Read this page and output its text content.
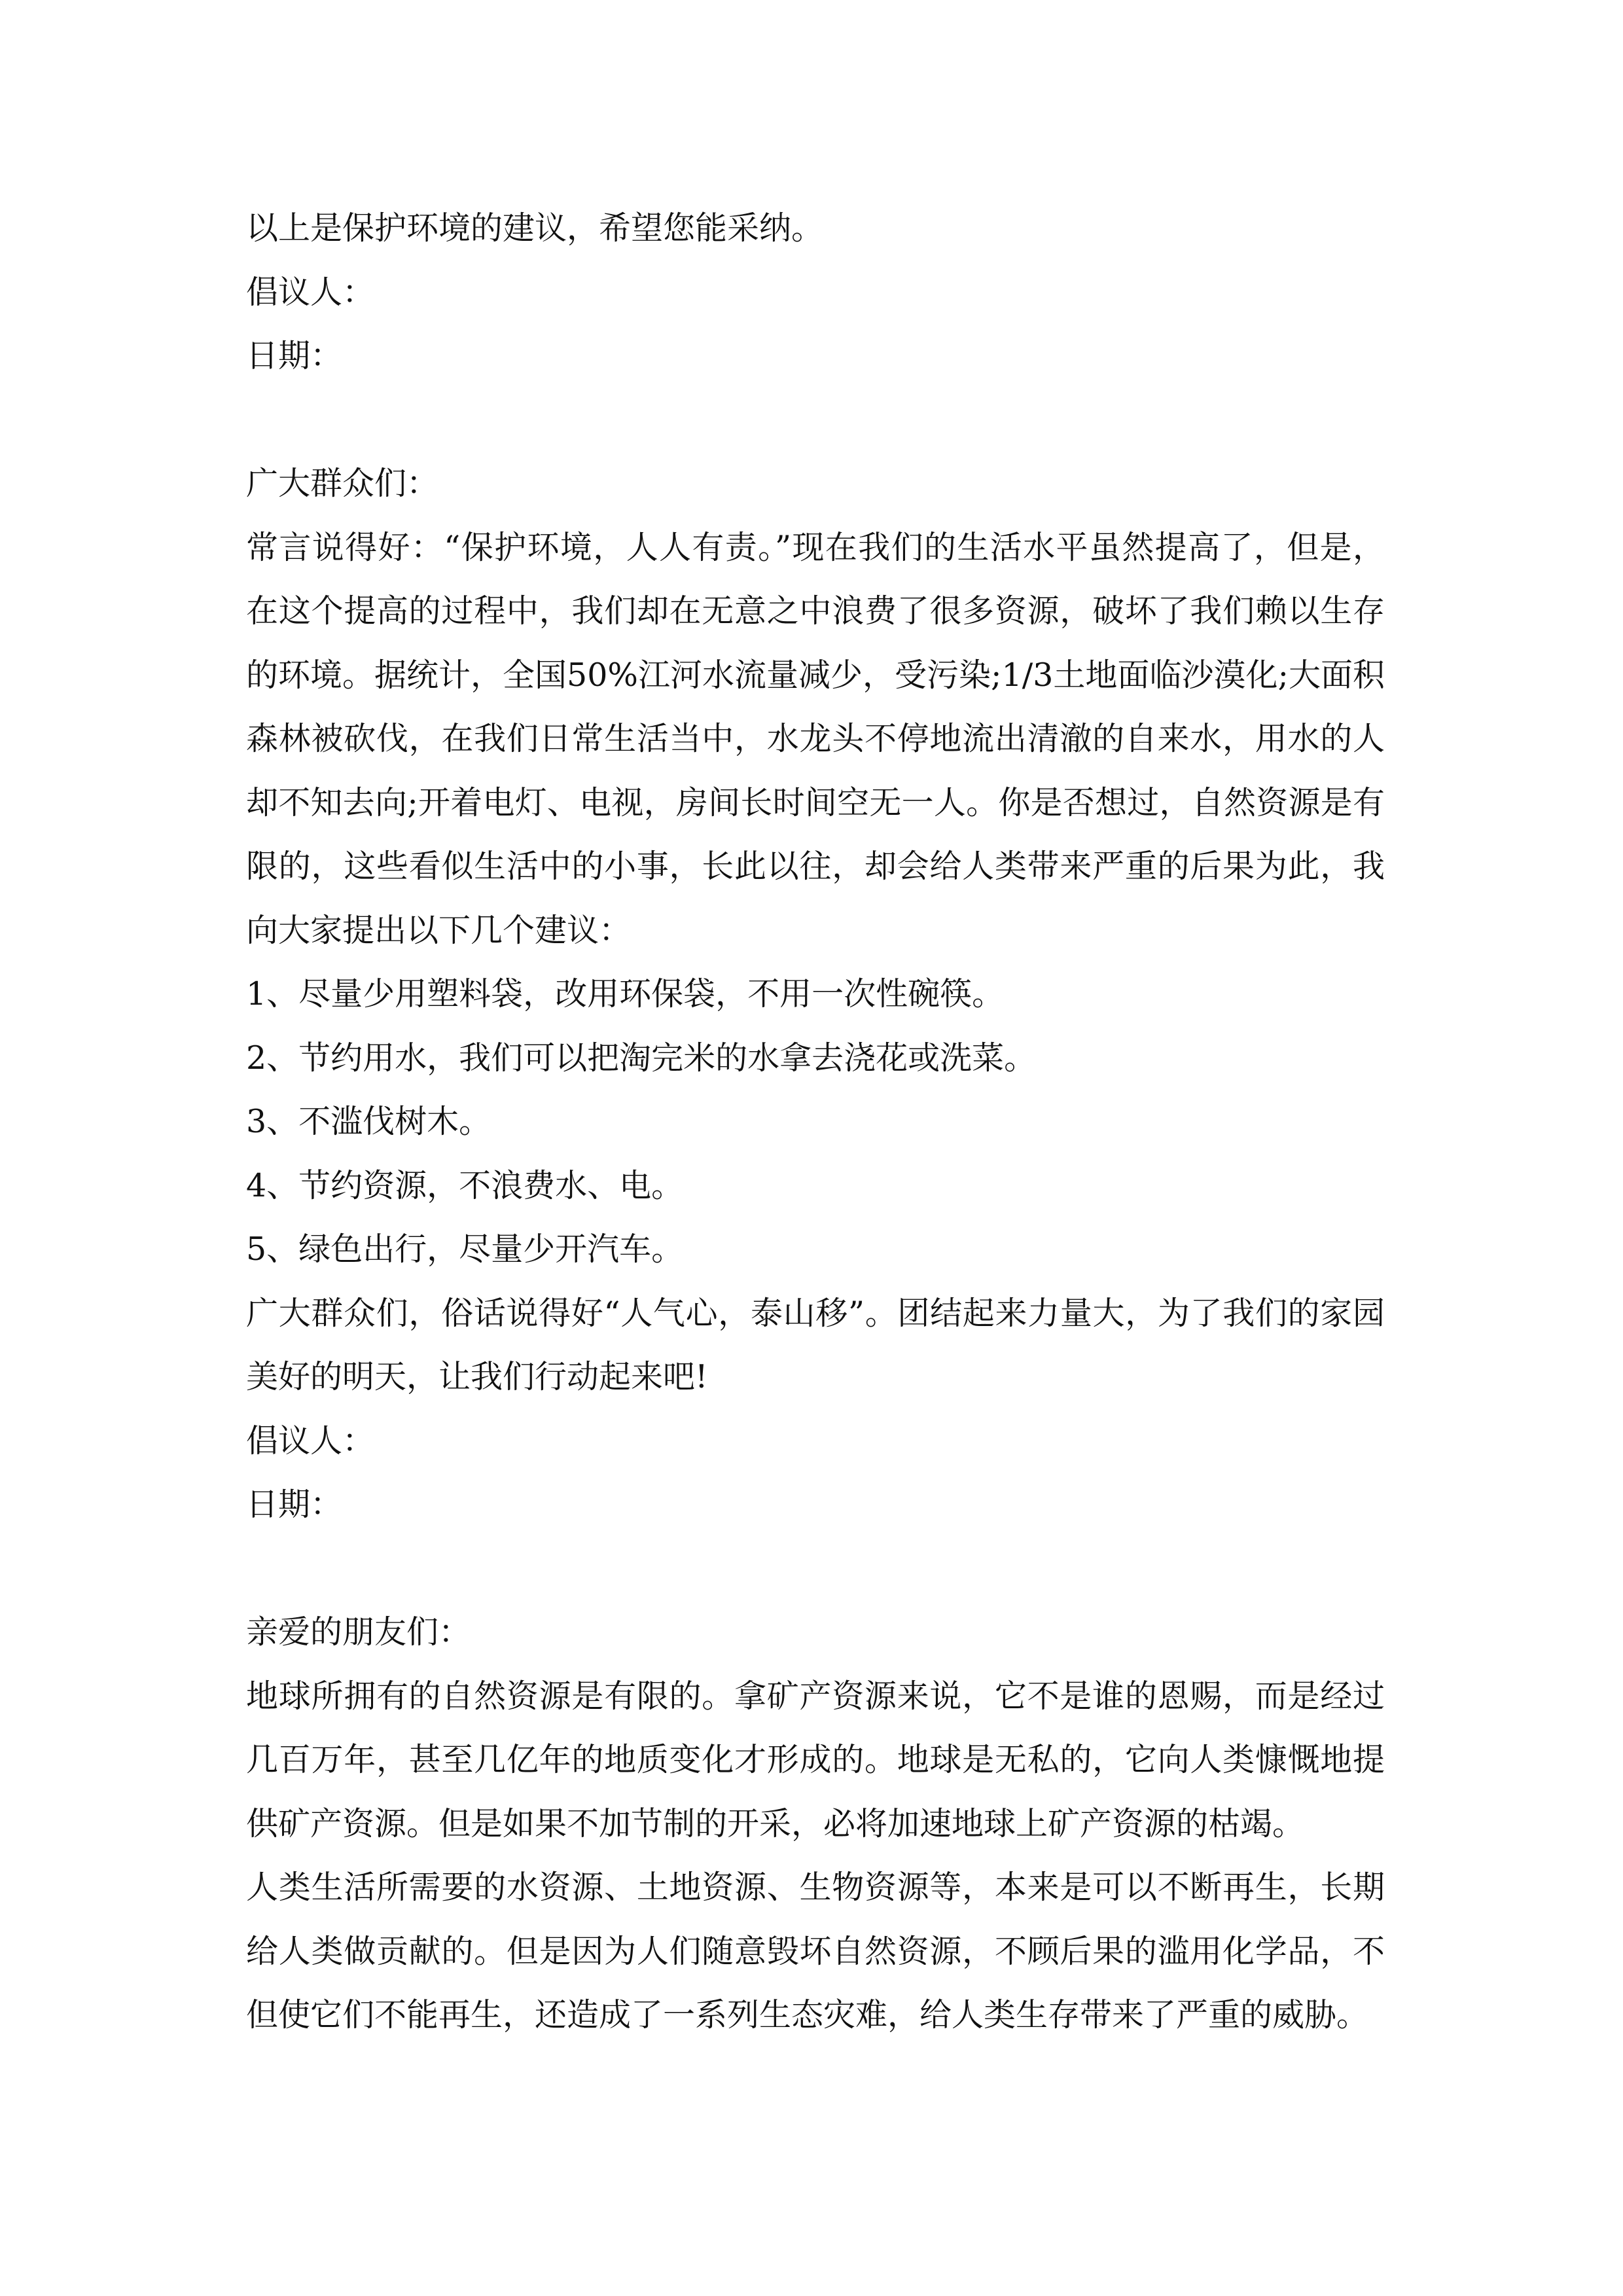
以上是保护环境的建议，希望您能采纳。

倡议人：

日期：

广大群众们：

常言说得好：“保护环境，人人有责。”现在我们的生活水平虽然提高了，但是，在这个提高的过程中，我们却在无意之中浪费了很多资源，破坏了我们赖以生存的环境。据统计，全国50%江河水流量减少，受污染;1/3土地面临沙漠化;大面积森林被砍伐，在我们日常生活当中，水龙头不停地流出清澈的自来水，用水的人却不知去向;开着电灯、电视，房间长时间空无一人。你是否想过，自然资源是有限的，这些看似生活中的小事，长此以往，却会给人类带来严重的后果为此，我向大家提出以下几个建议：

1、尽量少用塑料袋，改用环保袋，不用一次性碗筷。

2、节约用水，我们可以把淘完米的水拿去浇花或洗菜。

3、不滥伐树木。

4、节约资源，不浪费水、电。

5、绿色出行，尽量少开汽车。

广大群众们，俗话说得好“人气心，泰山移”。团结起来力量大，为了我们的家园美好的明天，让我们行动起来吧!

倡议人：

日期：

亲爱的朋友们：

地球所拥有的自然资源是有限的。拿矿产资源来说，它不是谁的恩赐，而是经过几百万年，甚至几亿年的地质变化才形成的。地球是无私的，它向人类慷慨地提供矿产资源。但是如果不加节制的开采，必将加速地球上矿产资源的枯竭。

人类生活所需要的水资源、土地资源、生物资源等，本来是可以不断再生，长期给人类做贡献的。但是因为人们随意毁坏自然资源，不顾后果的滥用化学品，不但使它们不能再生，还造成了一系列生态灾难，给人类生存带来了严重的威胁。
